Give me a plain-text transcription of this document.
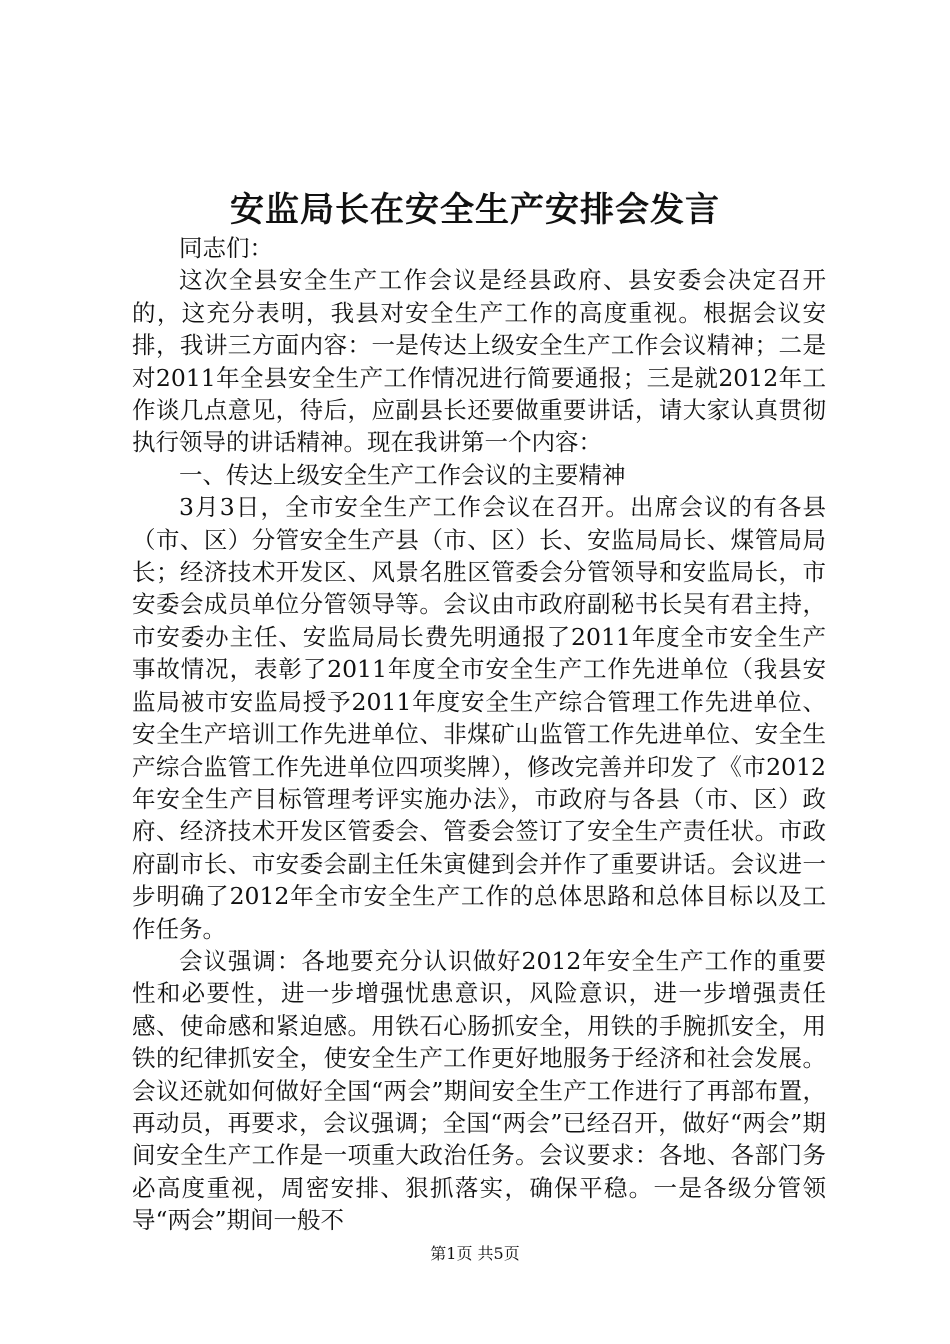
安监局长在安全生产安排会发言

同志们：

这次全县安全生产工作会议是经县政府、县安委会决定召开的，这充分表明，我县对安全生产工作的高度重视。根据会议安排，我讲三方面内容：一是传达上级安全生产工作会议精神；二是对2011年全县安全生产工作情况进行简要通报；三是就2012年工作谈几点意见，待后，应副县长还要做重要讲话，请大家认真贯彻执行领导的讲话精神。现在我讲第一个内容：

一、传达上级安全生产工作会议的主要精神

3月3日，全市安全生产工作会议在召开。出席会议的有各县（市、区）分管安全生产县（市、区）长、安监局局长、煤管局局长；经济技术开发区、风景名胜区管委会分管领导和安监局长，市安委会成员单位分管领导等。会议由市政府副秘书长吴有君主持，市安委办主任、安监局局长费先明通报了2011年度全市安全生产事故情况，表彰了2011年度全市安全生产工作先进单位（我县安监局被市安监局授予2011年度安全生产综合管理工作先进单位、安全生产培训工作先进单位、非煤矿山监管工作先进单位、安全生产综合监管工作先进单位四项奖牌），修改完善并印发了《市2012年安全生产目标管理考评实施办法》，市政府与各县（市、区）政府、经济技术开发区管委会、管委会签订了安全生产责任状。市政府副市长、市安委会副主任朱寅健到会并作了重要讲话。会议进一步明确了2012年全市安全生产工作的总体思路和总体目标以及工作任务。

会议强调：各地要充分认识做好2012年安全生产工作的重要性和必要性，进一步增强忧患意识，风险意识，进一步增强责任感、使命感和紧迫感。用铁石心肠抓安全，用铁的手腕抓安全，用铁的纪律抓安全，使安全生产工作更好地服务于经济和社会发展。会议还就如何做好全国“两会”期间安全生产工作进行了再部布置，再动员，再要求，会议强调；全国“两会”已经召开，做好“两会”期间安全生产工作是一项重大政治任务。会议要求：各地、各部门务必高度重视，周密安排、狠抓落实，确保平稳。一是各级分管领导“两会”期间一般不

第1页 共5页
